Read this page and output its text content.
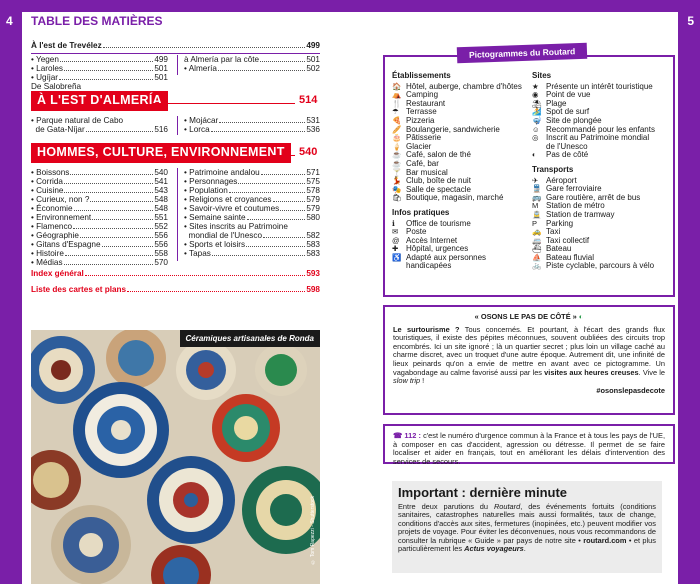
4	5
TABLE DES MATIÈRES
À l'est de Trevélez	499
• Yegen	499
• Laroles	501
• Ugíjar	501
De Salobreña
à Almería par la côte	501
• Almería	502
À L'EST D'ALMERÍA	514
• Parque natural de Cabo
de Gata-Níjar	516
• Mojácar	531
• Lorca	536
HOMMES, CULTURE, ENVIRONNEMENT	540
• Boissons	540
• Corrida	541
• Cuisine	543
• Curieux, non ?	548
• Économie	548
• Environnement	551
• Flamenco	552
• Géographie	556
• Gitans d'Espagne	556
• Histoire	558
• Médias	570
• Patrimoine andalou	571
• Personnages	575
• Population	578
• Religions et croyances	579
• Savoir-vivre et coutumes	579
• Semaine sainte	580
• Sites inscrits au Patrimoine
mondial de l'Unesco	582
• Sports et loisirs	583
• Tapas	583
Index général	593
Liste des cartes et plans	598
Céramiques artisanales de Ronda
© Tom Rapezzi - Shutterstock
Pictogrammes du Routard
Établissements
🏠 Hôtel, auberge, chambre d'hôtes
⛺ Camping
🍴 Restaurant
☂ Terrasse
🍕 Pizzeria
🥖 Boulangerie, sandwicherie
🎂 Pâtisserie
🍦 Glacier
☕ Café, salon de thé
☕ Café, bar
🍸 Bar musical
💃 Club, boîte de nuit
🎭 Salle de spectacle
🛍 Boutique, magasin, marché
Infos pratiques
ℹ	Office de tourisme
✉ Poste
@ Accès Internet
✚ Hôpital, urgences
♿ Adapté aux personnes
handicapées
Sites
★ Présente un intérêt touristique
◉ Point de vue
⛱ Plage
🏄 Spot de surf
🤿 Site de plongée
☺ Recommandé pour les enfants
◎ Inscrit au Patrimoine mondial
de l'Unesco
◐	Pas de côté
Transports
✈ Aéroport
🚆 Gare ferroviaire
🚌 Gare routière, arrêt de bus
M Station de métro
🚊 Station de tramway
P	Parking
🚕 Taxi
🚐 Taxi collectif
⛴ Bateau
⛵ Bateau fluvial
🚲 Piste cyclable, parcours à vélo
« OSONS LE PAS DE CÔTÉ » ◐
Le surtourisme ? Tous concernés. Et pourtant, à l'écart des grands flux touristiques, il existe des pépites méconnues, souvent oubliées des circuits trop encombrés. Ici un site ignoré ; là un quartier secret ; plus loin un village caché au charme discret, avec un troquet d'une autre époque. Autrement dit, une infinité de lieux peinards qu'on a envie de mettre en avant avec ce pictogramme. Un vagabondage au calme favorisé aussi par les visites aux heures creuses. Vive le slow trip !
#osonslepasdecote
☎ 112 : c'est le numéro d'urgence commun à la France et à tous les pays de l'UE, à composer en cas d'accident, agression ou détresse. Il permet de se faire localiser et aider en français, tout en améliorant les délais d'intervention des services de secours.
Important : dernière minute
Entre deux parutions du Routard, des événements fortuits (conditions sanitaires, catastrophes naturelles mais aussi formalités, taux de change, conditions d'accès aux sites, fermetures (inopinées, etc.) peuvent modifier vos projets de voyage. Pour éviter les déconvenues, nous vous recommandons de consulter la rubrique « Guide » par pays de notre site • routard.com • et plus particulièrement les Actus voyageurs.
